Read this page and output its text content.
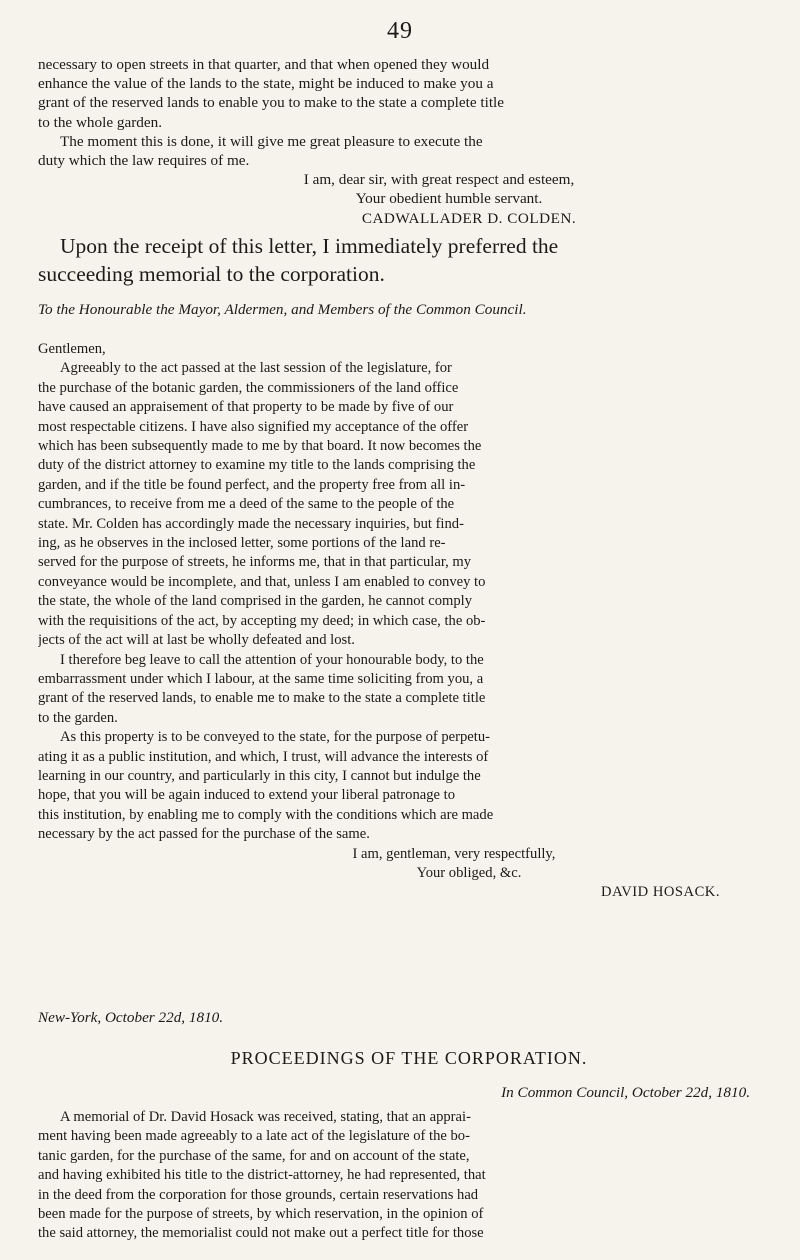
49
necessary to open streets in that quarter, and that when opened they would
enhance the value of the lands to the state, might be induced to make you a
grant of the reserved lands to enable you to make to the state a complete title
to the whole garden.
The moment this is done, it will give me great pleasure to execute the
duty which the law requires of me.
I am, dear sir, with great respect and esteem,
Your obedient humble servant.
CADWALLADER D. COLDEN.
Upon the receipt of this letter, I immediately preferred the
succeeding memorial to the corporation.
To the Honourable the Mayor, Aldermen, and Members of the Common Council.
Gentlemen,
Agreeably to the act passed at the last session of the legislature, for
the purchase of the botanic garden, the commissioners of the land office
have caused an appraisement of that property to be made by five of our
most respectable citizens. I have also signified my acceptance of the offer
which has been subsequently made to me by that board. It now becomes the
duty of the district attorney to examine my title to the lands comprising the
garden, and if the title be found perfect, and the property free from all in-
cumbrances, to receive from me a deed of the same to the people of the
state. Mr. Colden has accordingly made the necessary inquiries, but find-
ing, as he observes in the inclosed letter, some portions of the land re-
served for the purpose of streets, he informs me, that in that particular, my
conveyance would be incomplete, and that, unless I am enabled to convey to
the state, the whole of the land comprised in the garden, he cannot comply
with the requisitions of the act, by accepting my deed; in which case, the ob-
jects of the act will at last be wholly defeated and lost.
I therefore beg leave to call the attention of your honourable body, to the
embarrassment under which I labour, at the same time soliciting from you, a
grant of the reserved lands, to enable me to make to the state a complete title
to the garden.
As this property is to be conveyed to the state, for the purpose of perpetu-
ating it as a public institution, and which, I trust, will advance the interests of
learning in our country, and particularly in this city, I cannot but indulge the
hope, that you will be again induced to extend your liberal patronage to
this institution, by enabling me to comply with the conditions which are made
necessary by the act passed for the purchase of the same.
I am, gentleman, very respectfully,
Your obliged, &c.
DAVID HOSACK.
New-York, October 22d, 1810.
PROCEEDINGS OF THE CORPORATION.
In Common Council, October 22d, 1810.
A memorial of Dr. David Hosack was received, stating, that an apprai-
ment having been made agreeably to a late act of the legislature of the bo-
tanic garden, for the purchase of the same, for and on account of the state,
and having exhibited his title to the district-attorney, he had represented, that
in the deed from the corporation for those grounds, certain reservations had
been made for the purpose of streets, by which reservation, in the opinion of
the said attorney, the memorialist could not make out a perfect title for those
